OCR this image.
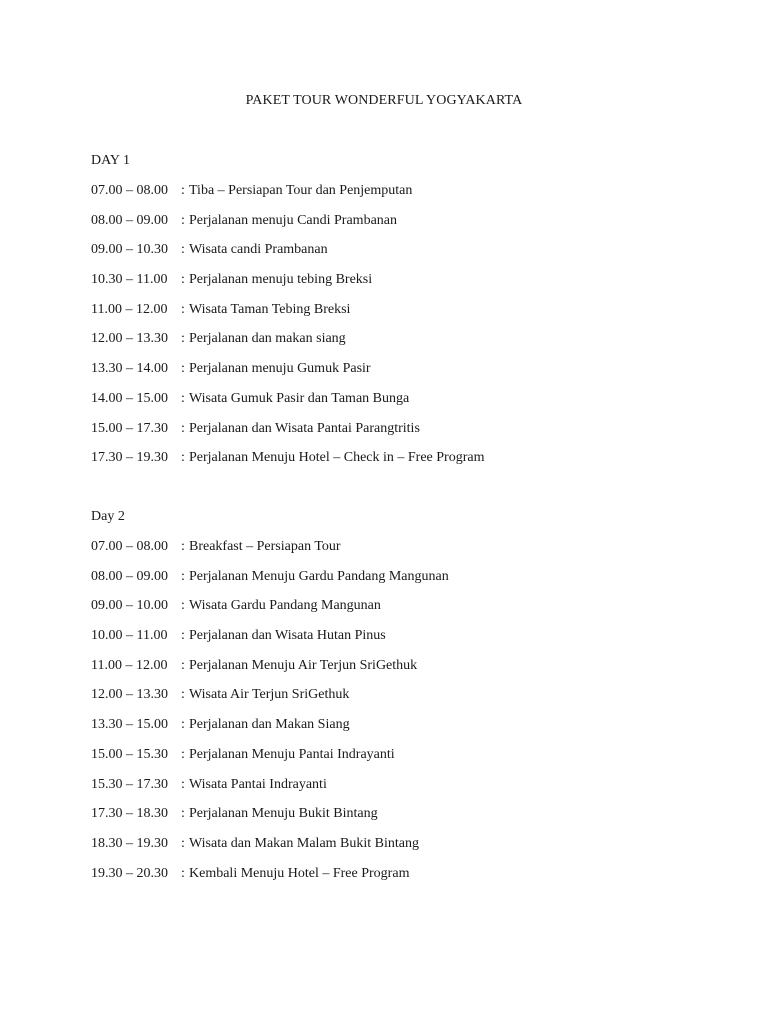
PAKET TOUR WONDERFUL YOGYAKARTA
DAY 1
07.00 – 08.00 : Tiba – Persiapan Tour dan Penjemputan
08.00 – 09.00 : Perjalanan menuju Candi Prambanan
09.00 – 10.30 : Wisata candi Prambanan
10.30 – 11.00 : Perjalanan menuju tebing Breksi
11.00 – 12.00 : Wisata Taman Tebing Breksi
12.00 – 13.30 : Perjalanan dan makan siang
13.30 – 14.00 : Perjalanan menuju Gumuk Pasir
14.00 – 15.00 : Wisata Gumuk Pasir dan Taman Bunga
15.00 – 17.30 : Perjalanan dan Wisata Pantai Parangtritis
17.30 – 19.30 : Perjalanan Menuju Hotel – Check in – Free Program
Day 2
07.00 – 08.00 : Breakfast – Persiapan Tour
08.00 – 09.00 : Perjalanan Menuju Gardu Pandang Mangunan
09.00 – 10.00 : Wisata Gardu Pandang Mangunan
10.00 – 11.00 : Perjalanan dan Wisata Hutan Pinus
11.00 – 12.00 : Perjalanan Menuju Air Terjun SriGethuk
12.00 – 13.30 : Wisata Air Terjun SriGethuk
13.30 – 15.00 : Perjalanan dan Makan Siang
15.00 – 15.30 : Perjalanan Menuju Pantai Indrayanti
15.30 – 17.30 : Wisata Pantai Indrayanti
17.30 – 18.30 : Perjalanan Menuju Bukit Bintang
18.30 – 19.30 : Wisata dan Makan Malam Bukit Bintang
19.30 – 20.30 : Kembali Menuju Hotel – Free Program
